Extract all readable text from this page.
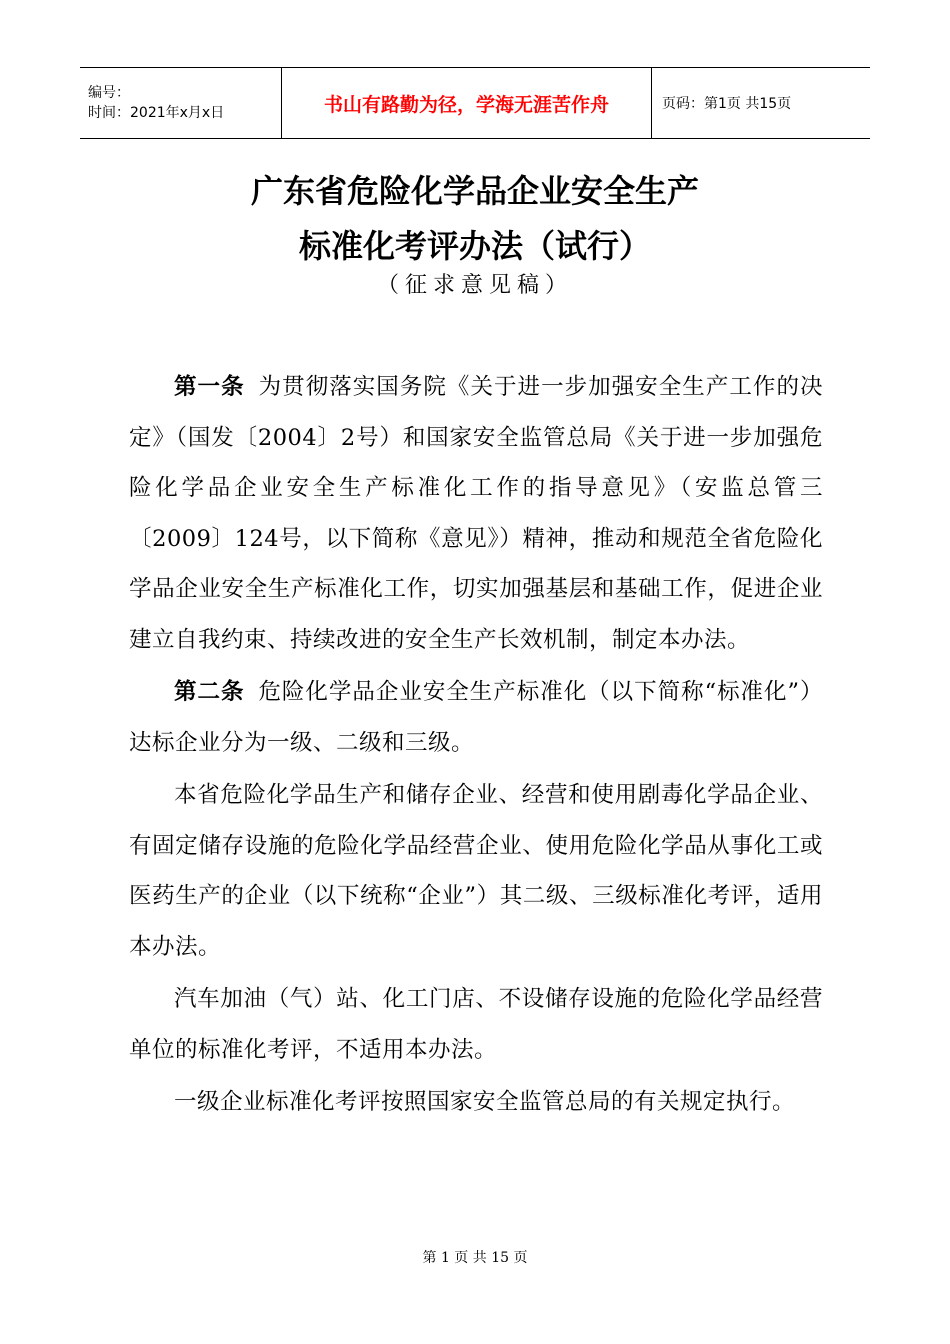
编号：
时间：2021年x月x日	书山有路勤为径，学海无涯苦作舟	页码：第1页 共15页
广东省危险化学品企业安全生产
标准化考评办法（试行）
（征求意见稿）

第一条 为贯彻落实国务院《关于进一步加强安全生产工作的决定》（国发〔2004〕2号）和国家安全监管总局《关于进一步加强危险化学品企业安全生产标准化工作的指导意见》（安监总管三〔2009〕124号，以下简称《意见》）精神，推动和规范全省危险化学品企业安全生产标准化工作，切实加强基层和基础工作，促进企业建立自我约束、持续改进的安全生产长效机制，制定本办法。

第二条 危险化学品企业安全生产标准化（以下简称“标准化”）达标企业分为一级、二级和三级。

本省危险化学品生产和储存企业、经营和使用剧毒化学品企业、有固定储存设施的危险化学品经营企业、使用危险化学品从事化工或医药生产的企业（以下统称“企业”）其二级、三级标准化考评，适用本办法。

汽车加油（气）站、化工门店、不设储存设施的危险化学品经营单位的标准化考评，不适用本办法。

一级企业标准化考评按照国家安全监管总局的有关规定执行。

第 1 页 共 15 页
